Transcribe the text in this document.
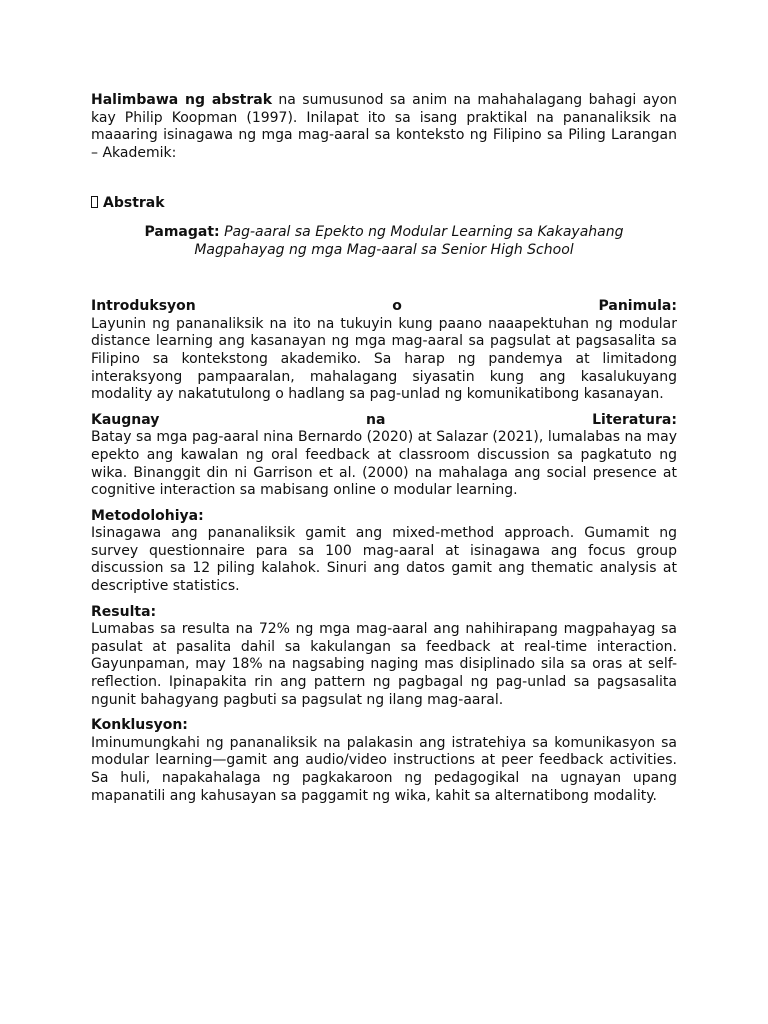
Halimbawa ng abstrak na sumusunod sa anim na mahahalagang bahagi ayon kay Philip Koopman (1997). Inilapat ito sa isang praktikal na pananaliksik na maaaring isinagawa ng mga mag-aaral sa konteksto ng Filipino sa Piling Larangan – Akademik:

Abstrak

Pamagat: Pag-aaral sa Epekto ng Modular Learning sa Kakayahang Magpahayag ng mga Mag-aaral sa Senior High School

Introduksyon	o	Panimula:

Layunin ng pananaliksik na ito na tukuyin kung paano naaapektuhan ng modular distance learning ang kasanayan ng mga mag-aaral sa pagsulat at pagsasalita sa Filipino sa kontekstong akademiko. Sa harap ng pandemya at limitadong interaksyong pampaaralan, mahalagang siyasatin kung ang kasalukuyang modality ay nakatutulong o hadlang sa pag-unlad ng komunikatibong kasanayan.

Kaugnay	na	Literatura:

Batay sa mga pag-aaral nina Bernardo (2020) at Salazar (2021), lumalabas na may epekto ang kawalan ng oral feedback at classroom discussion sa pagkatuto ng wika. Binanggit din ni Garrison et al. (2000) na mahalaga ang social presence at cognitive interaction sa mabisang online o modular learning.

Metodolohiya:

Isinagawa ang pananaliksik gamit ang mixed-method approach. Gumamit ng survey questionnaire para sa 100 mag-aaral at isinagawa ang focus group discussion sa 12 piling kalahok. Sinuri ang datos gamit ang thematic analysis at descriptive statistics.

Resulta:

Lumabas sa resulta na 72% ng mga mag-aaral ang nahihirapang magpahayag sa pasulat at pasalita dahil sa kakulangan sa feedback at real-time interaction. Gayunpaman, may 18% na nagsabing naging mas disiplinado sila sa oras at self-reflection. Ipinapakita rin ang pattern ng pagbagal ng pag-unlad sa pagsasalita ngunit bahagyang pagbuti sa pagsulat ng ilang mag-aaral.

Konklusyon:

Iminumungkahi ng pananaliksik na palakasin ang istratehiya sa komunikasyon sa modular learning—gamit ang audio/video instructions at peer feedback activities. Sa huli, napakahalaga ng pagkakaroon ng pedagogikal na ugnayan upang mapanatili ang kahusayan sa paggamit ng wika, kahit sa alternatibong modality.
